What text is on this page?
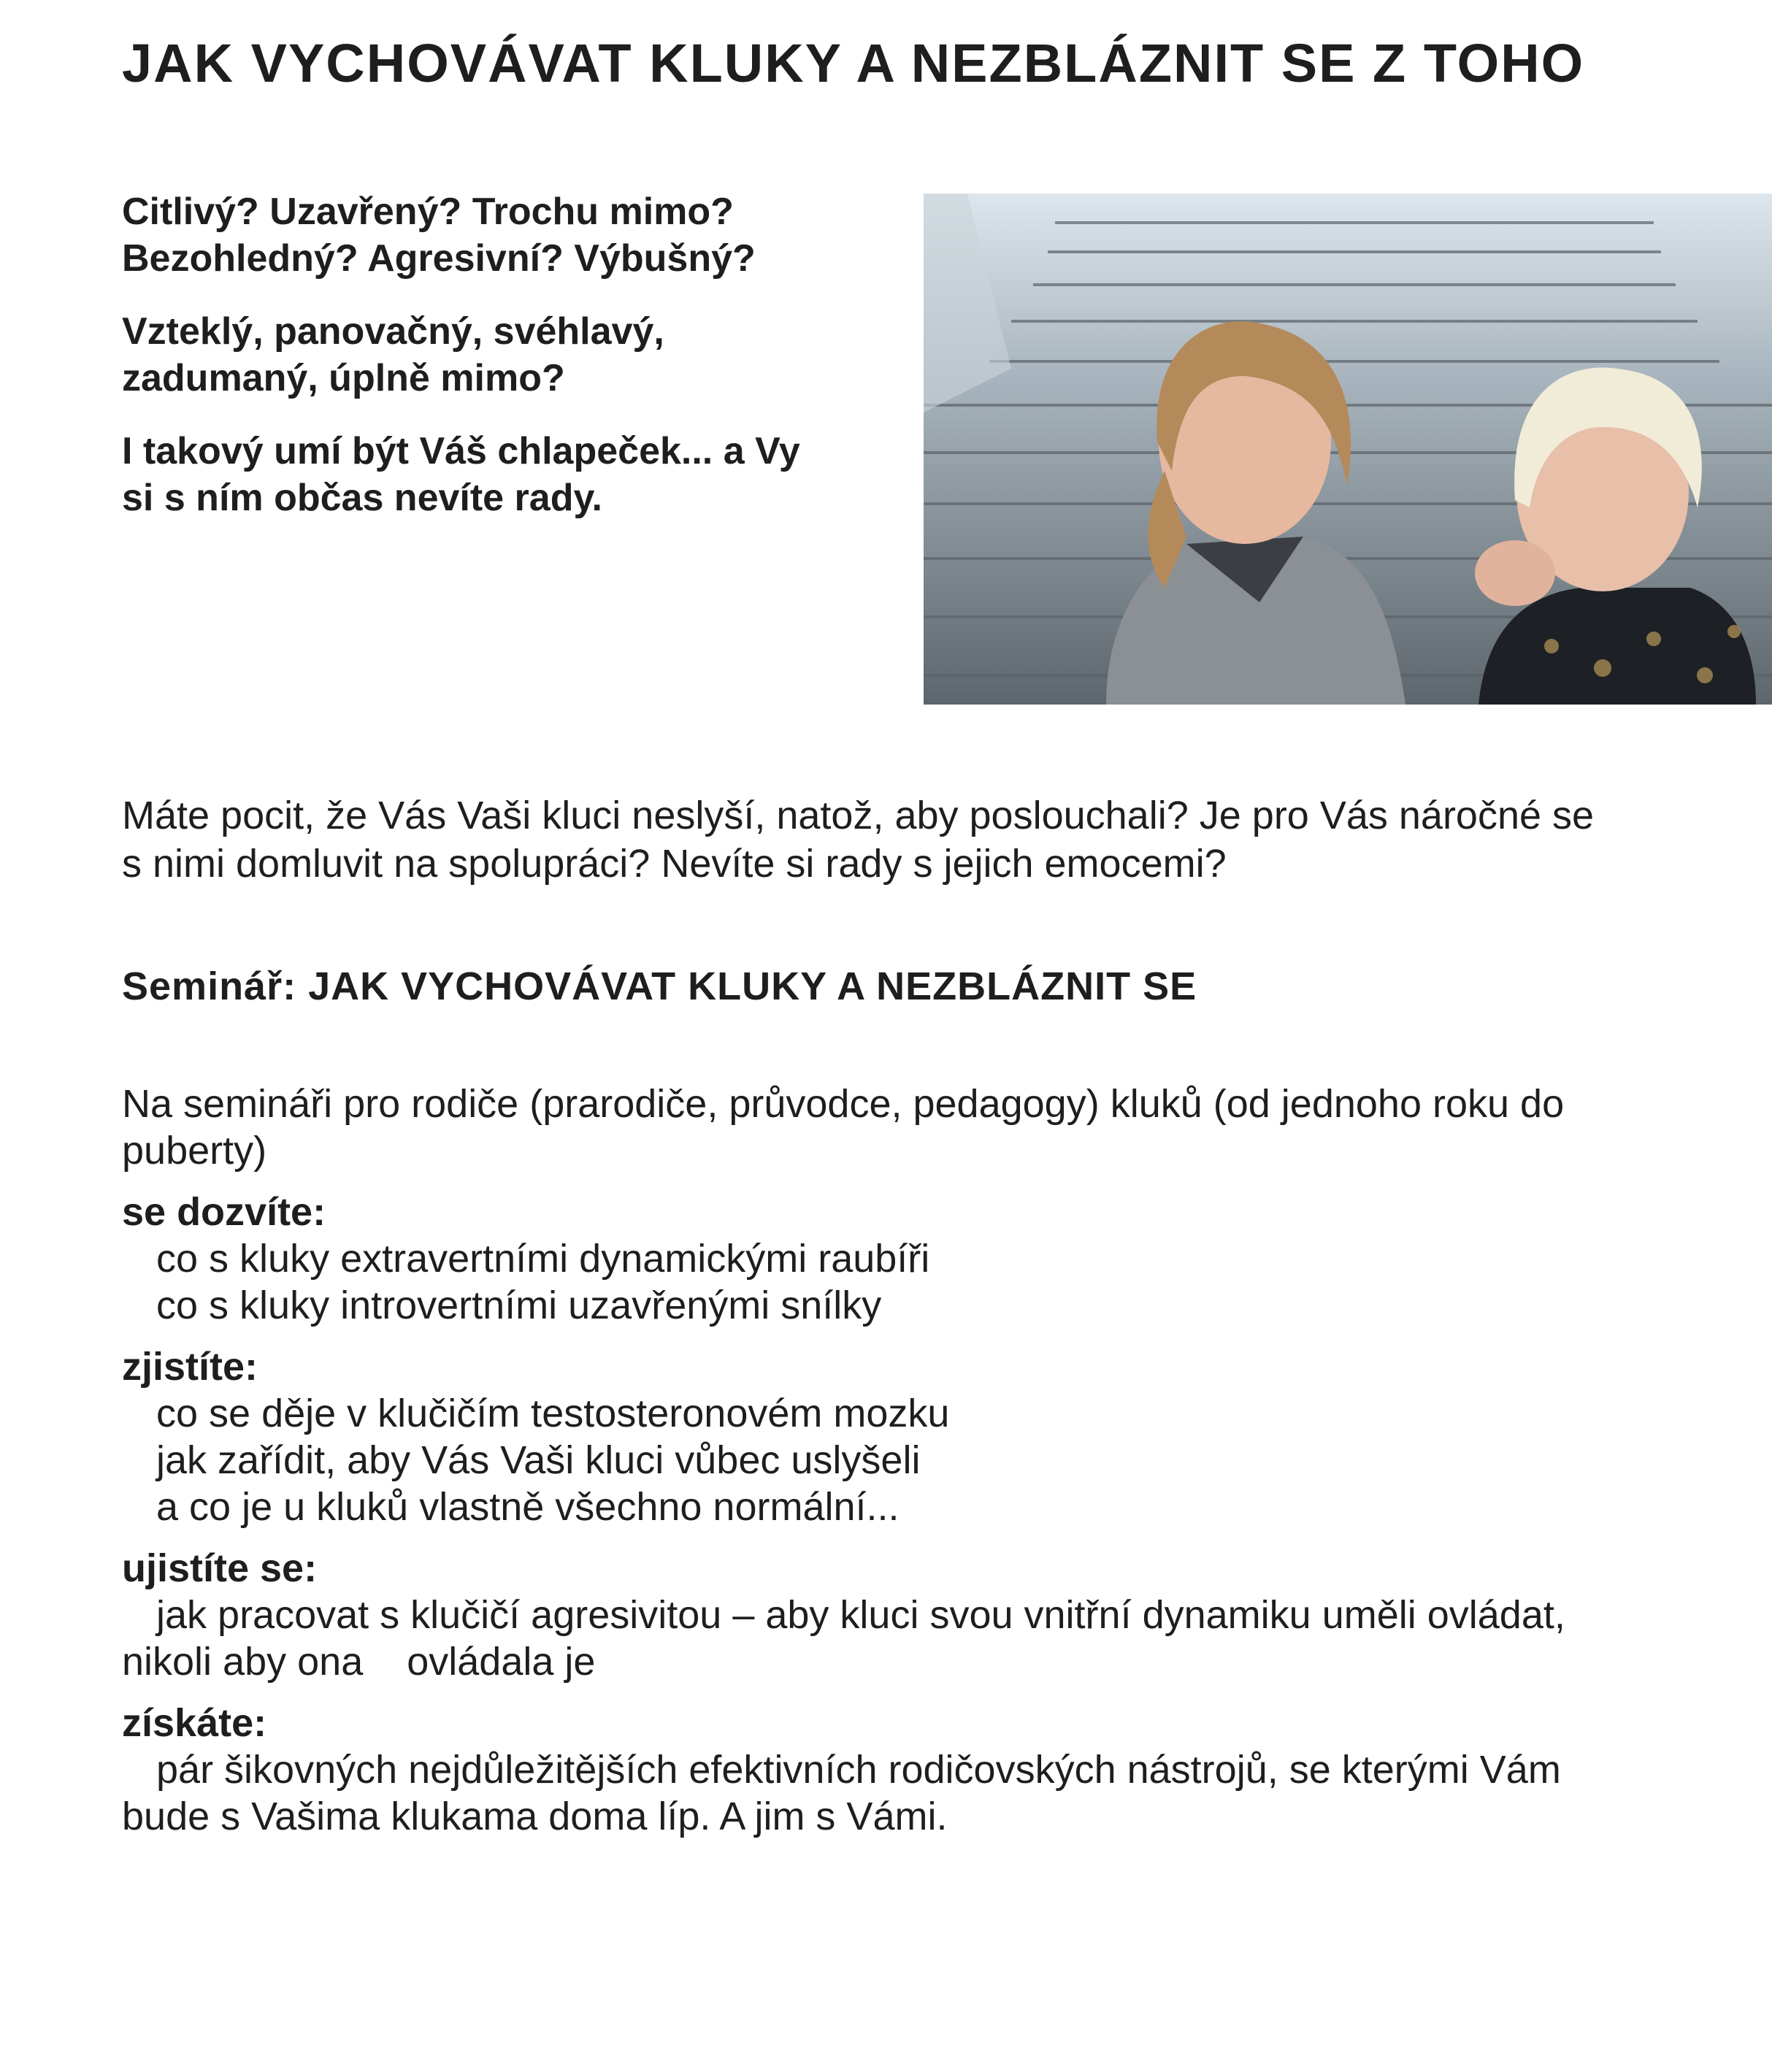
JAK VYCHOVÁVAT KLUKY A NEZBLÁZNIT SE Z TOHO

Citlivý? Uzavřený? Trochu mimo?
Bezohledný? Agresivní? Výbušný?

Vzteklý, panovačný, svéhlavý,
zadumaný, úplně mimo?

I takový umí být Váš chlapeček... a Vy
si s ním občas nevíte rady.

Máte pocit, že Vás Vaši kluci neslyší, natož, aby poslouchali? Je pro Vás náročné se
s nimi domluvit na spolupráci? Nevíte si rady s jejich emocemi?
Seminář: JAK VYCHOVÁVAT KLUKY A NEZBLÁZNIT SE
Na semináři pro rodiče (prarodiče, průvodce, pedagogy) kluků (od jednoho roku do
puberty)
se dozvíte:
co s kluky extravertními dynamickými raubíři
co s kluky introvertními uzavřenými snílky
zjistíte:
co se děje v klučičím testosteronovém mozku
jak zařídit, aby Vás Vaši kluci vůbec uslyšeli
a co je u kluků vlastně všechno normální...
ujistíte se:
jak pracovat s klučičí agresivitou – aby kluci svou vnitřní dynamiku uměli ovládat,
nikoli aby ona    ovládala je
získáte:
pár šikovných nejdůležitějších efektivních rodičovských nástrojů, se kterými Vám
bude s Vašima klukama doma líp. A jim s Vámi.
